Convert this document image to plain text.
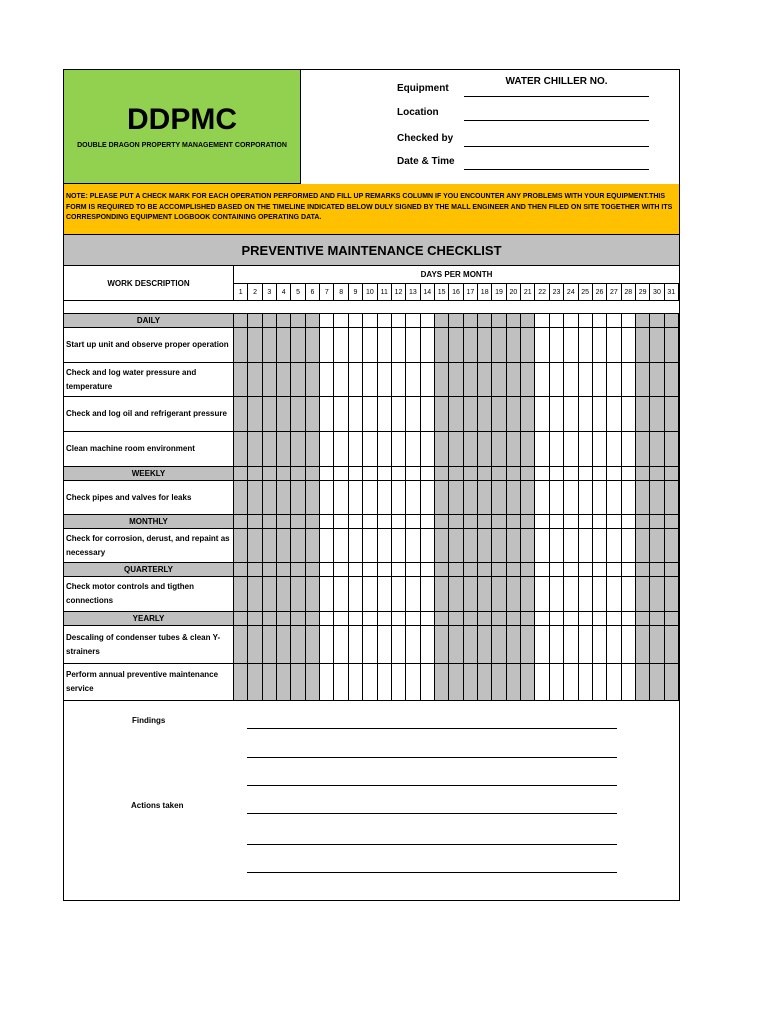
DDPMC
DOUBLE DRAGON PROPERTY MANAGEMENT CORPORATION
Equipment
WATER CHILLER NO.
Location
Checked by
Date & Time
NOTE: PLEASE PUT A CHECK MARK FOR EACH OPERATION PERFORMED AND FILL UP REMARKS COLUMN IF YOU ENCOUNTER ANY PROBLEMS WITH YOUR EQUIPMENT.THIS FORM IS REQUIRED TO BE ACCOMPLISHED BASED ON THE TIMELINE INDICATED BELOW DULY SIGNED BY THE MALL ENGINEER AND THEN FILED ON SITE TOGETHER WITH ITS CORRESPONDING EQUIPMENT LOGBOOK CONTAINING OPERATING DATA.
PREVENTIVE MAINTENANCE CHECKLIST
WORK DESCRIPTION
DAYS PER MONTH
1	2	3	4	5	6	7	8	9	10 11 12 13 14 15 16 17 18 19 20 21 22 23 24 25 26 27 28 29 30 31
DAILY
Start up unit and observe proper operation
Check and log water pressure and temperature
Check and log oil and refrigerant pressure
Clean machine room environment
WEEKLY
Check pipes and valves for leaks
MONTHLY
Check for corrosion, derust, and repaint as necessary
QUARTERLY
Check motor controls and tigthen connections
YEARLY
Descaling of condenser tubes & clean Y-strainers
Perform annual preventive maintenance service
Findings
Actions taken
